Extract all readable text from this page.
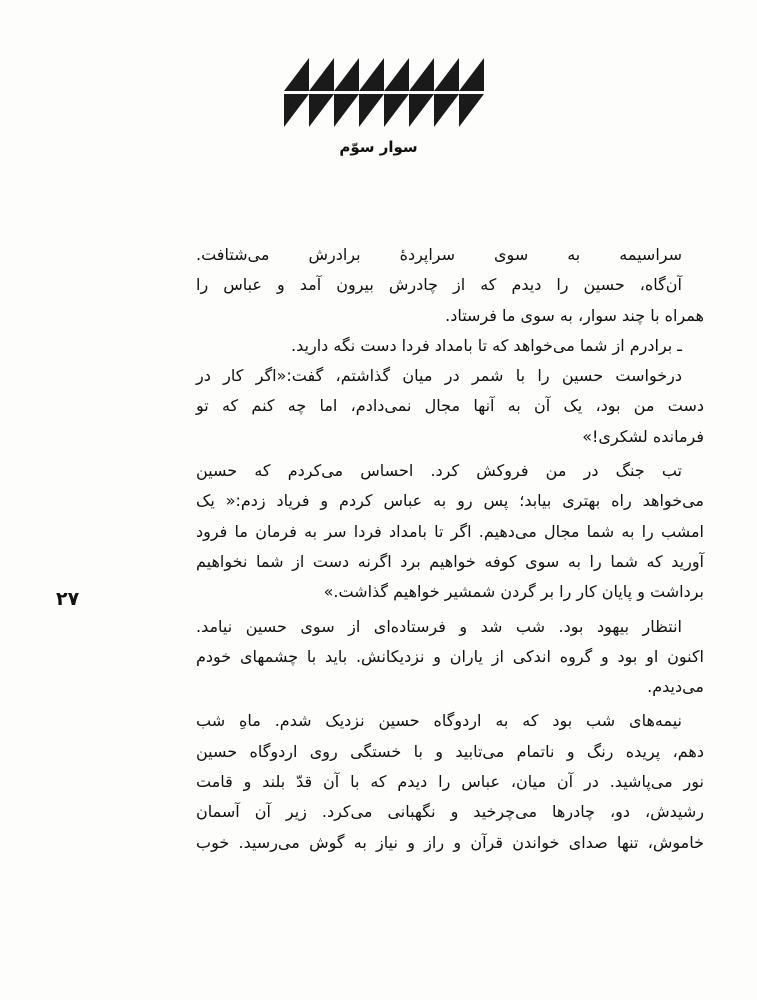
سوار سوّم
۲۷
سراسیمه به سوی سراپردهٔ برادرش می‌شتافت.
آن‌گاه، حسین را دیدم که از چادرش بیرون آمد و عباس را
همراه با چند سوار، به سوی ما فرستاد.
ـ برادرم از شما می‌خواهد که تا بامداد فردا دست نگه دارید.
درخواست حسین را با شمر در میان گذاشتم، گفت:«اگر کار در
دست من بود، یک آن به آنها مجال نمی‌دادم، اما چه کنم که تو
فرمانده لشکری!»
تب جنگ در من فروکش کرد. احساس می‌کردم که حسین
می‌خواهد راه بهتری بیابد؛ پس رو به عباس کردم و فریاد زدم:« یک
امشب را به شما مجال می‌دهیم. اگر تا بامداد فردا سر به فرمان ما فرود
آورید که شما را به سوی کوفه خواهیم برد اگرنه دست از شما نخواهیم
برداشت و پایان کار را بر گردن شمشیر خواهیم گذاشت.»
انتظار بیهود بود. شب شد و فرستاده‌ای از سوی حسین نیامد.
اکنون او بود و گروه اندکی از یاران و نزدیکانش. باید با چشمهای خودم
می‌دیدم.
نیمه‌های شب بود که به اردوگاه حسین نزدیک شدم. ماهِ شب
دهم، پریده رنگ و ناتمام می‌تابید و با خستگی روی اردوگاه حسین
نور می‌پاشید. در آن میان، عباس را دیدم که با آن قدّ بلند و قامت
رشیدش، دو، چادرها می‌چرخید و نگهبانی می‌کرد. زیر آن آسمان
خاموش، تنها صدای خواندن قرآن و راز و نیاز به گوش می‌رسید. خوب
